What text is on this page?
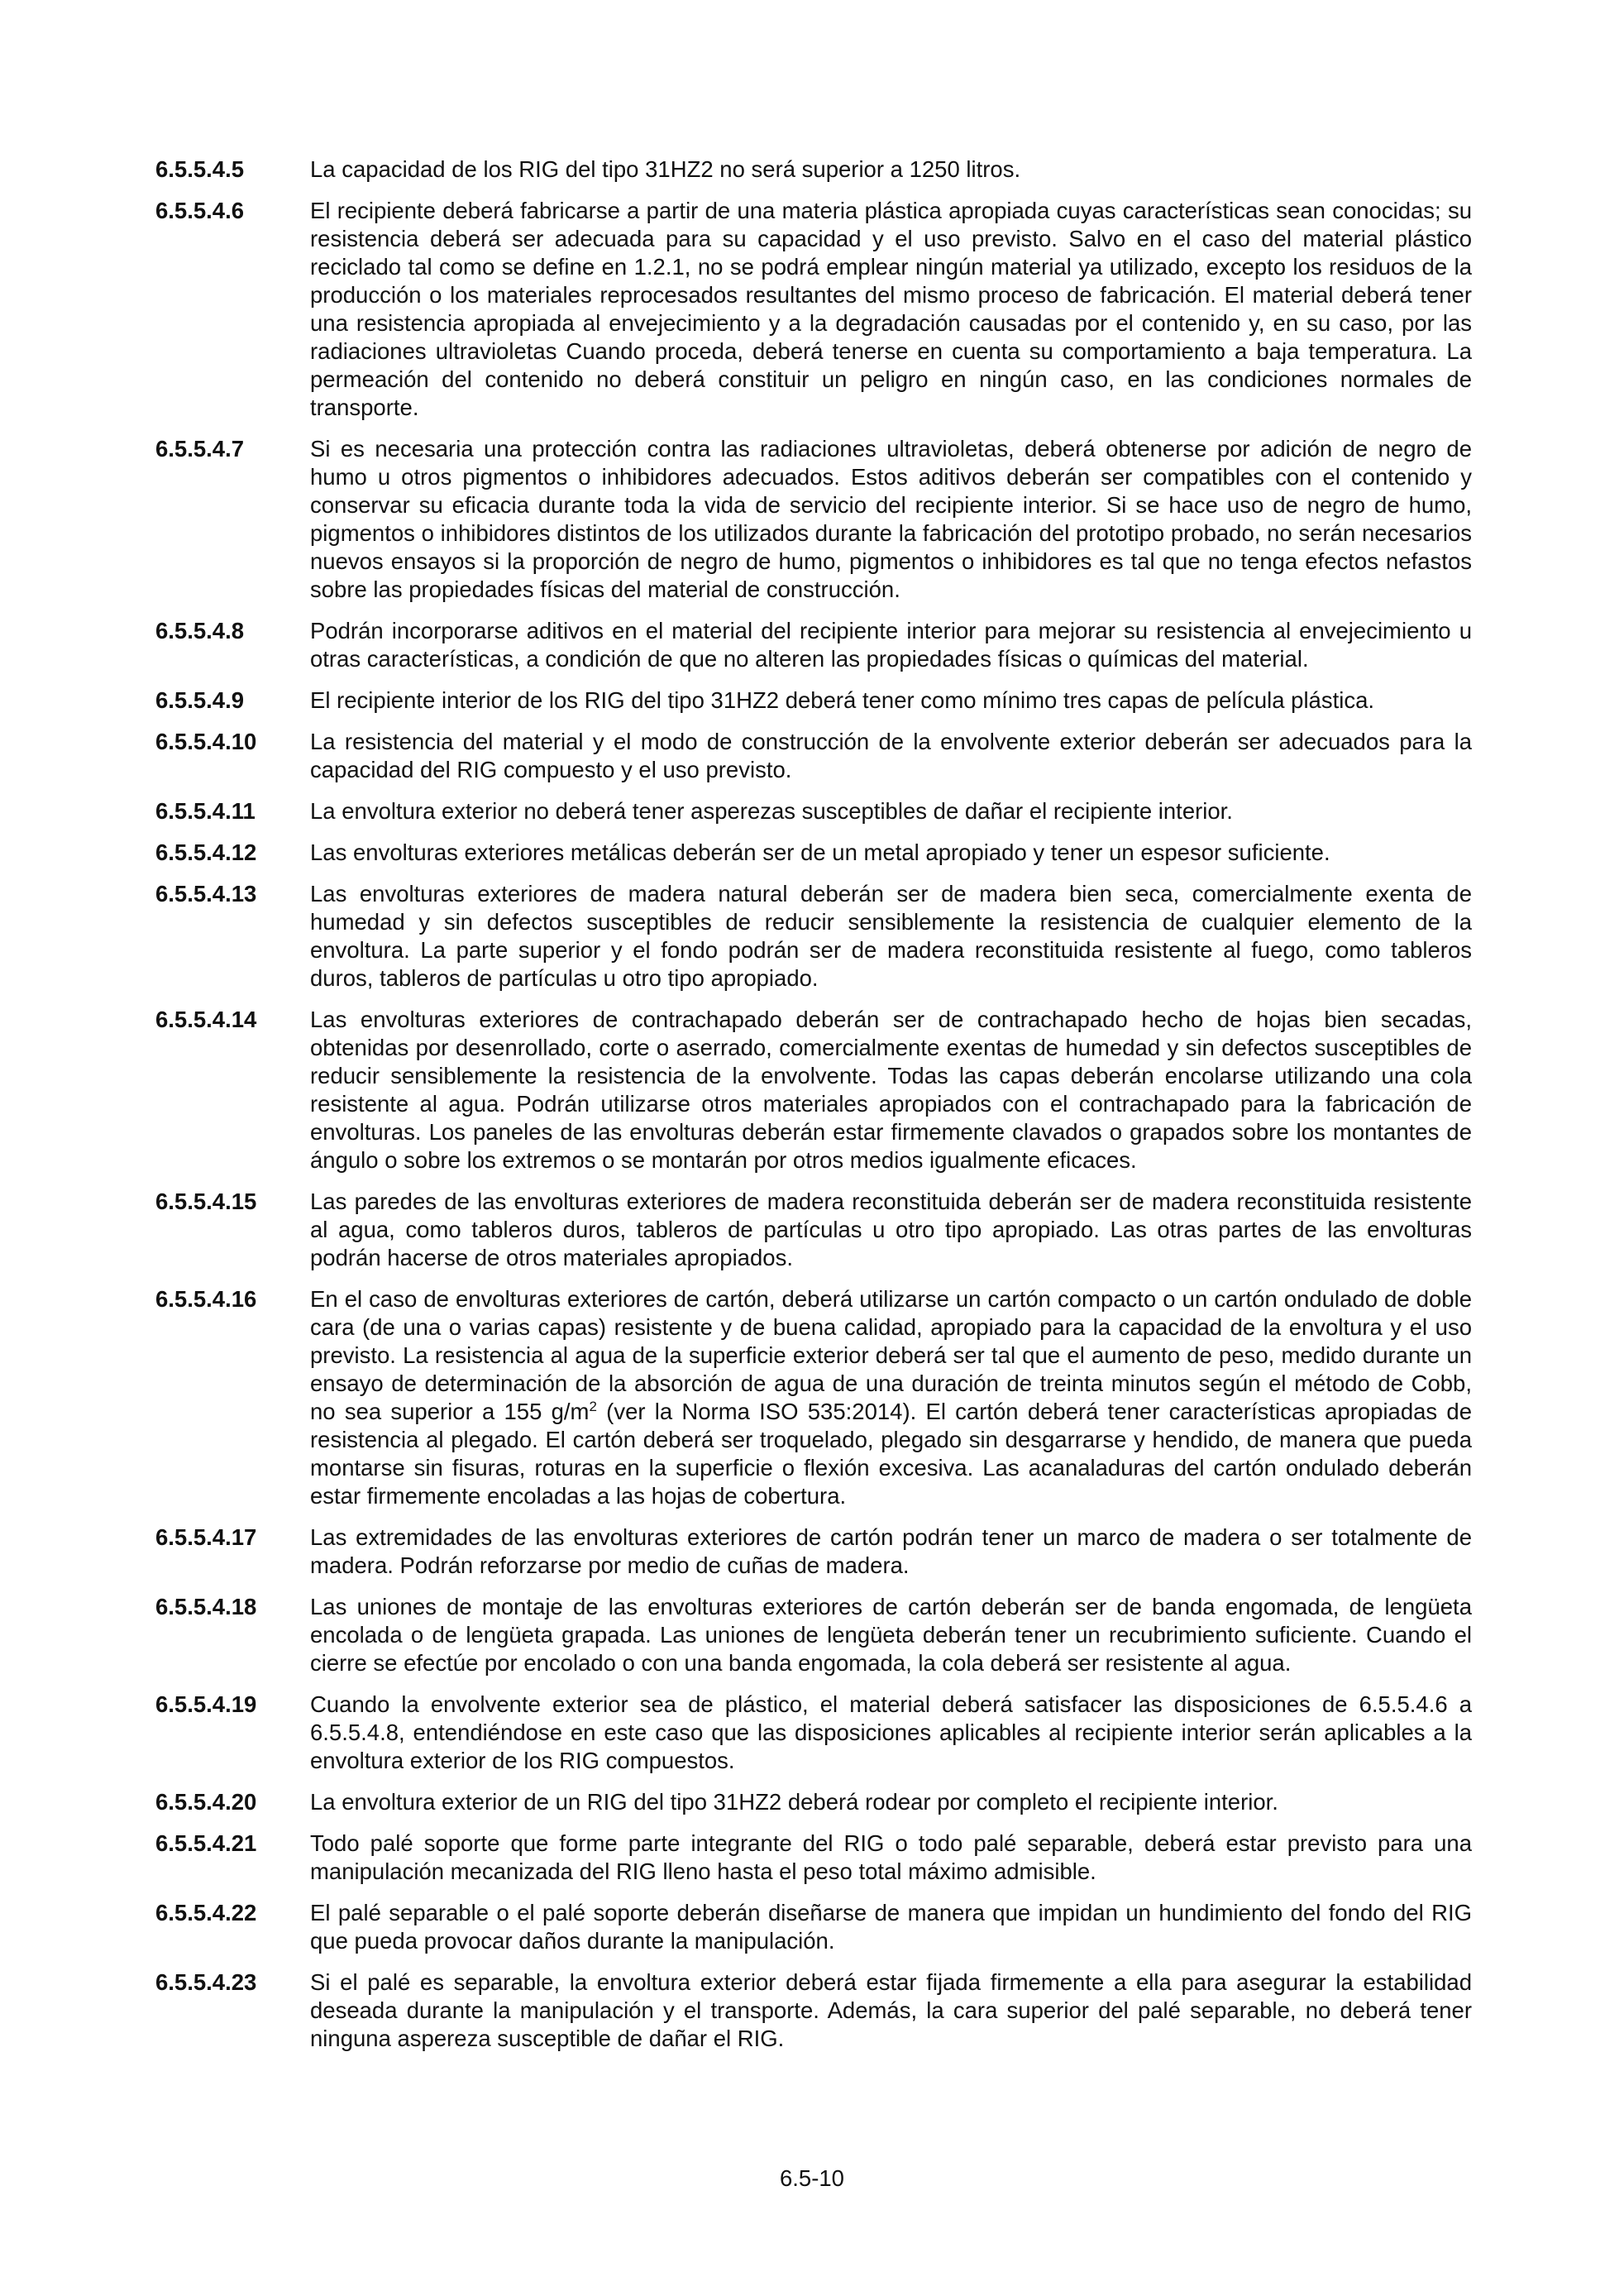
6.5.5.4.5	La capacidad de los RIG del tipo 31HZ2 no será superior a 1250 litros.
6.5.5.4.6	El recipiente deberá fabricarse a partir de una materia plástica apropiada cuyas características sean conocidas; su resistencia deberá ser adecuada para su capacidad y el uso previsto. Salvo en el caso del material plástico reciclado tal como se define en 1.2.1, no se podrá emplear ningún material ya utilizado, excepto los residuos de la producción o los materiales reprocesados resultantes del mismo proceso de fabricación. El material deberá tener una resistencia apropiada al envejecimiento y a la degradación causadas por el contenido y, en su caso, por las radiaciones ultravioletas Cuando proceda, deberá tenerse en cuenta su comportamiento a baja temperatura. La permeación del contenido no deberá constituir un peligro en ningún caso, en las condiciones normales de transporte.
6.5.5.4.7	Si es necesaria una protección contra las radiaciones ultravioletas, deberá obtenerse por adición de negro de humo u otros pigmentos o inhibidores adecuados. Estos aditivos deberán ser compatibles con el contenido y conservar su eficacia durante toda la vida de servicio del recipiente interior. Si se hace uso de negro de humo, pigmentos o inhibidores distintos de los utilizados durante la fabricación del prototipo probado, no serán necesarios nuevos ensayos si la proporción de negro de humo, pigmentos o inhibidores es tal que no tenga efectos nefastos sobre las propiedades físicas del material de construcción.
6.5.5.4.8	Podrán incorporarse aditivos en el material del recipiente interior para mejorar su resistencia al envejecimiento u otras características, a condición de que no alteren las propiedades físicas o químicas del material.
6.5.5.4.9	El recipiente interior de los RIG del tipo 31HZ2 deberá tener como mínimo tres capas de película plástica.
6.5.5.4.10	La resistencia del material y el modo de construcción de la envolvente exterior deberán ser adecuados para la capacidad del RIG compuesto y el uso previsto.
6.5.5.4.11	La envoltura exterior no deberá tener asperezas susceptibles de dañar el recipiente interior.
6.5.5.4.12	Las envolturas exteriores metálicas deberán ser de un metal apropiado y tener un espesor suficiente.
6.5.5.4.13	Las envolturas exteriores de madera natural deberán ser de madera bien seca, comercialmente exenta de humedad y sin defectos susceptibles de reducir sensiblemente la resistencia de cualquier elemento de la envoltura. La parte superior y el fondo podrán ser de madera reconstituida resistente al fuego, como tableros duros, tableros de partículas u otro tipo apropiado.
6.5.5.4.14	Las envolturas exteriores de contrachapado deberán ser de contrachapado hecho de hojas bien secadas, obtenidas por desenrollado, corte o aserrado, comercialmente exentas de humedad y sin defectos susceptibles de reducir sensiblemente la resistencia de la envolvente. Todas las capas deberán encolarse utilizando una cola resistente al agua. Podrán utilizarse otros materiales apropiados con el contrachapado para la fabricación de envolturas. Los paneles de las envolturas deberán estar firmemente clavados o grapados sobre los montantes de ángulo o sobre los extremos o se montarán por otros medios igualmente eficaces.
6.5.5.4.15	Las paredes de las envolturas exteriores de madera reconstituida deberán ser de madera reconstituida resistente al agua, como tableros duros, tableros de partículas u otro tipo apropiado. Las otras partes de las envolturas podrán hacerse de otros materiales apropiados.
6.5.5.4.16	En el caso de envolturas exteriores de cartón, deberá utilizarse un cartón compacto o un cartón ondulado de doble cara (de una o varias capas) resistente y de buena calidad, apropiado para la capacidad de la envoltura y el uso previsto. La resistencia al agua de la superficie exterior deberá ser tal que el aumento de peso, medido durante un ensayo de determinación de la absorción de agua de una duración de treinta minutos según el método de Cobb, no sea superior a 155 $g/m^2$ (ver la Norma ISO 535:2014). El cartón deberá tener características apropiadas de resistencia al plegado. El cartón deberá ser troquelado, plegado sin desgarrarse y hendido, de manera que pueda montarse sin fisuras, roturas en la superficie o flexión excesiva. Las acanaladuras del cartón ondulado deberán estar firmemente encoladas a las hojas de cobertura.
6.5.5.4.17	Las extremidades de las envolturas exteriores de cartón podrán tener un marco de madera o ser totalmente de madera. Podrán reforzarse por medio de cuñas de madera.
6.5.5.4.18	Las uniones de montaje de las envolturas exteriores de cartón deberán ser de banda engomada, de lengüeta encolada o de lengüeta grapada. Las uniones de lengüeta deberán tener un recubrimiento suficiente. Cuando el cierre se efectúe por encolado o con una banda engomada, la cola deberá ser resistente al agua.
6.5.5.4.19	Cuando la envolvente exterior sea de plástico, el material deberá satisfacer las disposiciones de 6.5.5.4.6 a 6.5.5.4.8, entendiéndose en este caso que las disposiciones aplicables al recipiente interior serán aplicables a la envoltura exterior de los RIG compuestos.
6.5.5.4.20	La envoltura exterior de un RIG del tipo 31HZ2 deberá rodear por completo el recipiente interior.
6.5.5.4.21	Todo palé soporte que forme parte integrante del RIG o todo palé separable, deberá estar previsto para una manipulación mecanizada del RIG lleno hasta el peso total máximo admisible.
6.5.5.4.22	El palé separable o el palé soporte deberán diseñarse de manera que impidan un hundimiento del fondo del RIG que pueda provocar daños durante la manipulación.
6.5.5.4.23	Si el palé es separable, la envoltura exterior deberá estar fijada firmemente a ella para asegurar la estabilidad deseada durante la manipulación y el transporte. Además, la cara superior del palé separable, no deberá tener ninguna aspereza susceptible de dañar el RIG.
6.5-10
